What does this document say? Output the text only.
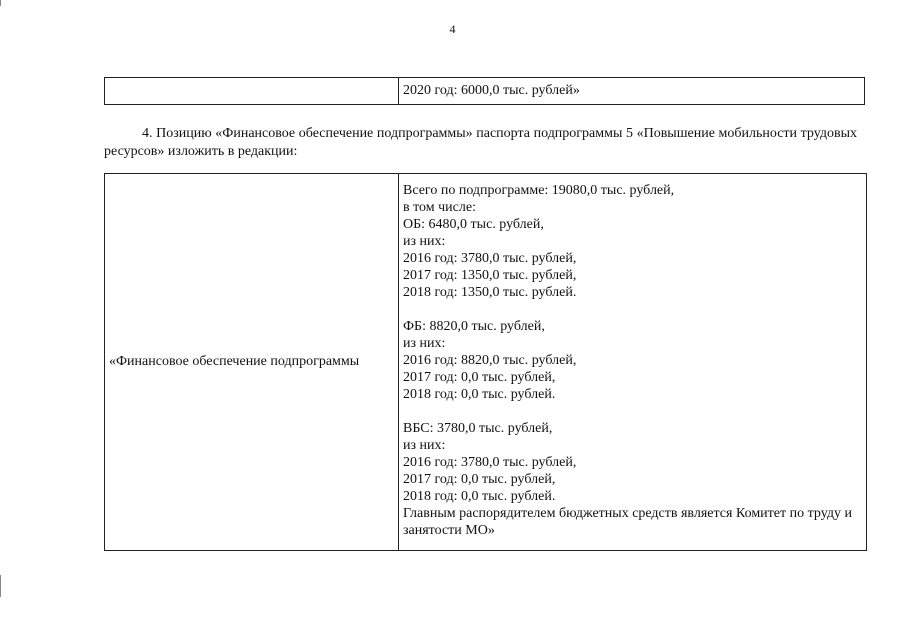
4
2020 год: 6000,0 тыс. рублей»
4. Позицию «Финансовое обеспечение подпрограммы» паспорта подпрограммы 5 «Повышение мобильности трудовых ресурсов» изложить в редакции:
«Финансовое обеспечение подпрограммы
Всего по подпрограмме: 19080,0 тыс. рублей,
в том числе:
ОБ: 6480,0 тыс. рублей,
из них:
2016 год: 3780,0 тыс. рублей,
2017 год: 1350,0 тыс. рублей,
2018 год: 1350,0 тыс. рублей.
ФБ: 8820,0 тыс. рублей,
из них:
2016 год: 8820,0 тыс. рублей,
2017 год: 0,0 тыс. рублей,
2018 год: 0,0 тыс. рублей.
ВБС: 3780,0 тыс. рублей,
из них:
2016 год: 3780,0 тыс. рублей,
2017 год: 0,0 тыс. рублей,
2018 год: 0,0 тыс. рублей.
Главным распорядителем бюджетных средств является Комитет по труду и занятости МО»
